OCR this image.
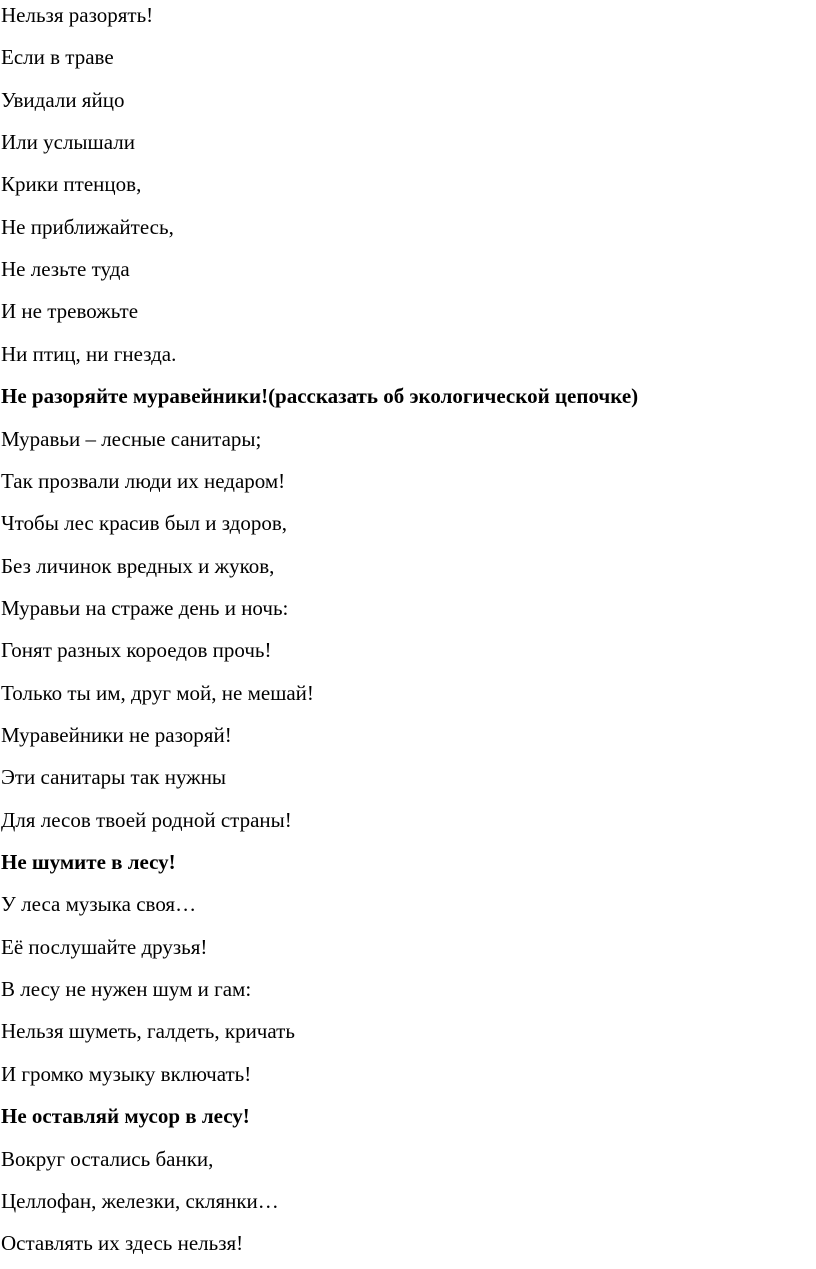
Нельзя разорять!
Если в траве
Увидали яйцо
Или услышали
Крики птенцов,
Не приближайтесь,
Не лезьте туда
И не тревожьте
Ни птиц, ни гнезда.
Не разоряйте муравейники!(рассказать об экологической цепочке)
Муравьи – лесные санитары;
Так прозвали люди их недаром!
Чтобы лес красив был и здоров,
Без личинок вредных и жуков,
Муравьи на страже день и ночь:
Гонят разных короедов прочь!
Только ты им, друг мой, не мешай!
Муравейники не разоряй!
Эти санитары так нужны
Для лесов твоей родной страны!
Не шумите в лесу!
У леса музыка своя…
Её послушайте друзья!
В лесу не нужен шум и гам:
Нельзя шуметь, галдеть, кричать
И громко музыку включать!
Не оставляй мусор в лесу!
Вокруг остались банки,
Целлофан, железки, склянки…
Оставлять их здесь нельзя!
